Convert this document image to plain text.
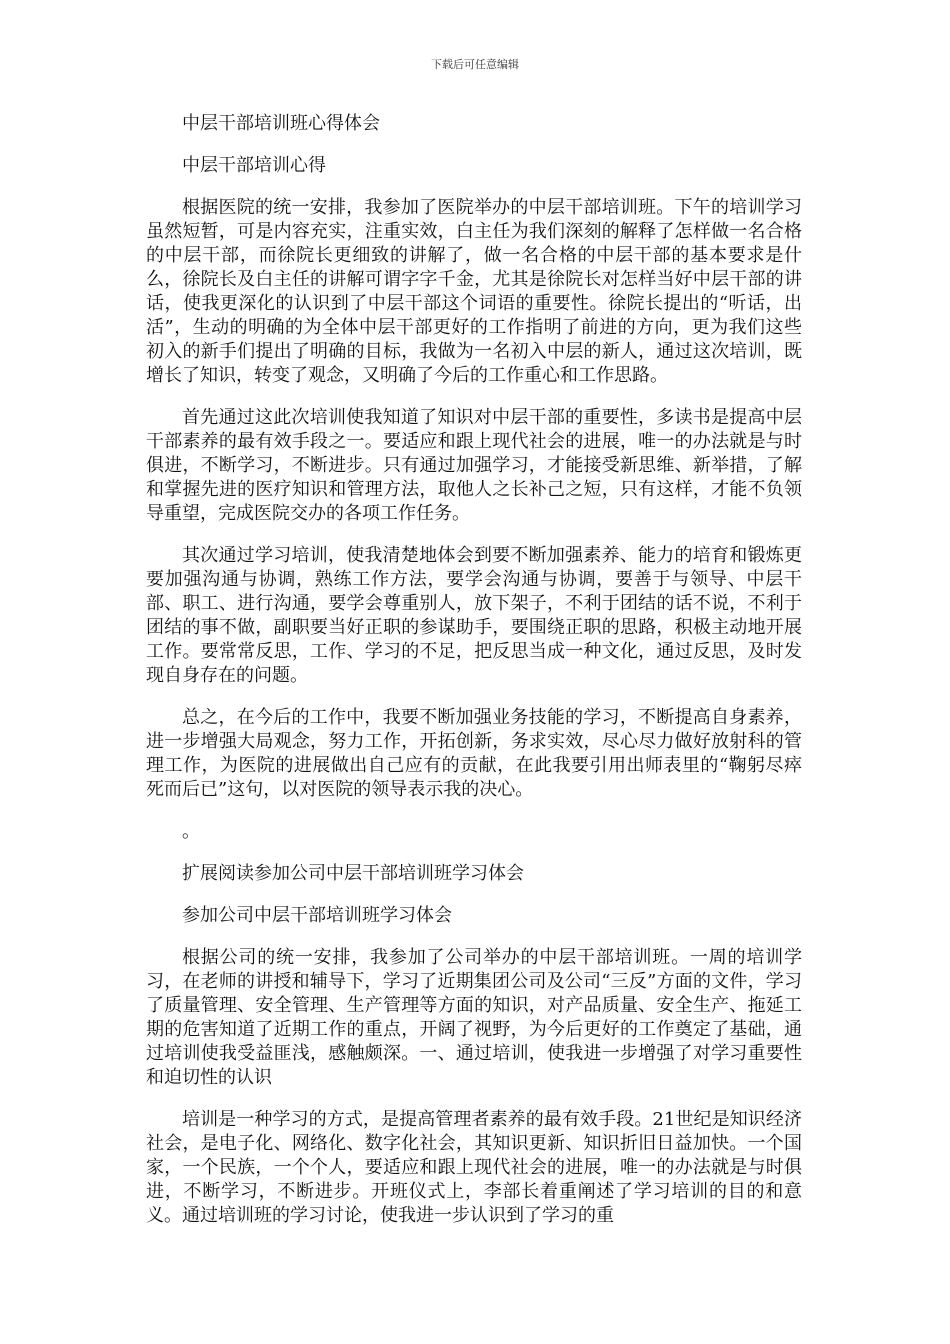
下载后可任意编辑

中层干部培训班心得体会

中层干部培训心得

根据医院的统一安排，我参加了医院举办的中层干部培训班。下午的培训学习虽然短暂，可是内容充实，注重实效，白主任为我们深刻的解释了怎样做一名合格的中层干部，而徐院长更细致的讲解了，做一名合格的中层干部的基本要求是什么，徐院长及白主任的讲解可谓字字千金，尤其是徐院长对怎样当好中层干部的讲话，使我更深化的认识到了中层干部这个词语的重要性。徐院长提出的“听话，出活”，生动的明确的为全体中层干部更好的工作指明了前进的方向，更为我们这些初入的新手们提出了明确的目标，我做为一名初入中层的新人，通过这次培训，既增长了知识，转变了观念，又明确了今后的工作重心和工作思路。

首先通过这此次培训使我知道了知识对中层干部的重要性，多读书是提高中层干部素养的最有效手段之一。要适应和跟上现代社会的进展，唯一的办法就是与时俱进，不断学习，不断进步。只有通过加强学习，才能接受新思维、新举措，了解和掌握先进的医疗知识和管理方法，取他人之长补己之短，只有这样，才能不负领导重望，完成医院交办的各项工作任务。

其次通过学习培训，使我清楚地体会到要不断加强素养、能力的培育和锻炼更要加强沟通与协调，熟练工作方法，要学会沟通与协调，要善于与领导、中层干部、职工、进行沟通，要学会尊重别人，放下架子，不利于团结的话不说，不利于团结的事不做，副职要当好正职的参谋助手，要围绕正职的思路，积极主动地开展工作。要常常反思，工作、学习的不足，把反思当成一种文化，通过反思，及时发现自身存在的问题。

总之，在今后的工作中，我要不断加强业务技能的学习，不断提高自身素养，进一步增强大局观念，努力工作，开拓创新，务求实效，尽心尽力做好放射科的管理工作，为医院的进展做出自己应有的贡献，在此我要引用出师表里的“鞠躬尽瘁死而后已”这句，以对医院的领导表示我的决心。

。

扩展阅读参加公司中层干部培训班学习体会

参加公司中层干部培训班学习体会

根据公司的统一安排，我参加了公司举办的中层干部培训班。一周的培训学习，在老师的讲授和辅导下，学习了近期集团公司及公司“三反”方面的文件，学习了质量管理、安全管理、生产管理等方面的知识，对产品质量、安全生产、拖延工期的危害知道了近期工作的重点，开阔了视野，为今后更好的工作奠定了基础，通过培训使我受益匪浅，感触颇深。一、通过培训，使我进一步增强了对学习重要性和迫切性的认识

培训是一种学习的方式，是提高管理者素养的最有效手段。21世纪是知识经济社会，是电子化、网络化、数字化社会，其知识更新、知识折旧日益加快。一个国家，一个民族，一个个人，要适应和跟上现代社会的进展，唯一的办法就是与时俱进，不断学习，不断进步。开班仪式上，李部长着重阐述了学习培训的目的和意义。通过培训班的学习讨论，使我进一步认识到了学习的重
